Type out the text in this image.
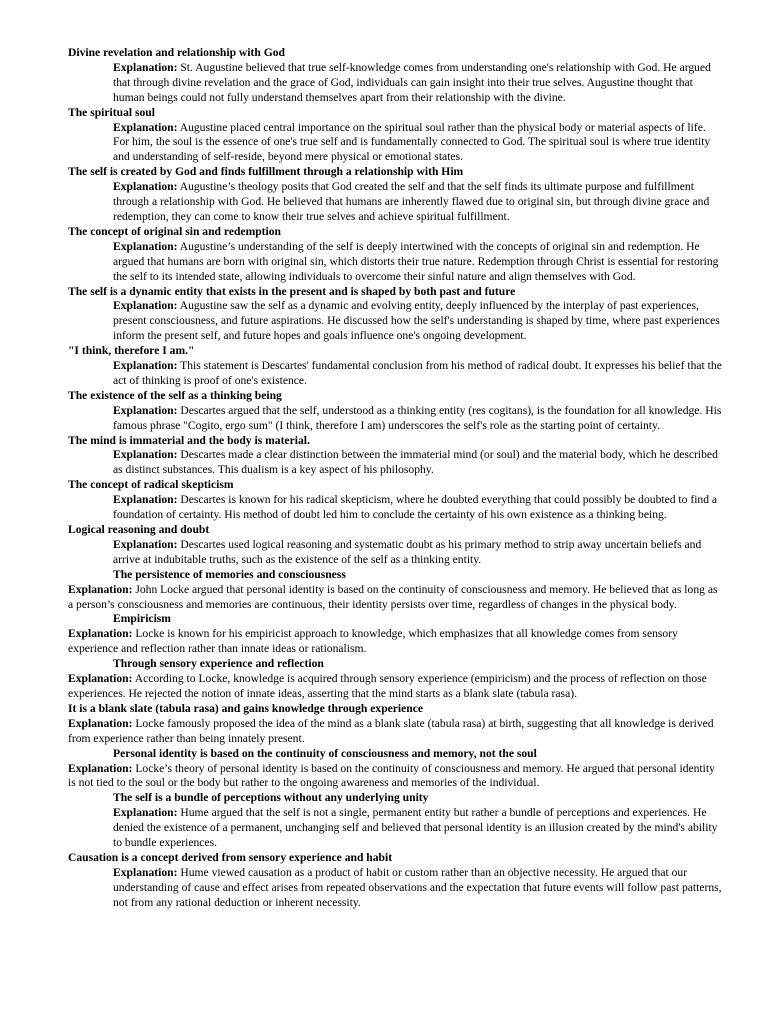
Divine revelation and relationship with God
Explanation: St. Augustine believed that true self-knowledge comes from understanding one's relationship with God. He argued that through divine revelation and the grace of God, individuals can gain insight into their true selves. Augustine thought that human beings could not fully understand themselves apart from their relationship with the divine.
The spiritual soul
Explanation: Augustine placed central importance on the spiritual soul rather than the physical body or material aspects of life. For him, the soul is the essence of one's true self and is fundamentally connected to God. The spiritual soul is where true identity and understanding of self-reside, beyond mere physical or emotional states.
The self is created by God and finds fulfillment through a relationship with Him
Explanation: Augustine’s theology posits that God created the self and that the self finds its ultimate purpose and fulfillment through a relationship with God. He believed that humans are inherently flawed due to original sin, but through divine grace and redemption, they can come to know their true selves and achieve spiritual fulfillment.
The concept of original sin and redemption
Explanation: Augustine’s understanding of the self is deeply intertwined with the concepts of original sin and redemption. He argued that humans are born with original sin, which distorts their true nature. Redemption through Christ is essential for restoring the self to its intended state, allowing individuals to overcome their sinful nature and align themselves with God.
The self is a dynamic entity that exists in the present and is shaped by both past and future
Explanation: Augustine saw the self as a dynamic and evolving entity, deeply influenced by the interplay of past experiences, present consciousness, and future aspirations. He discussed how the self's understanding is shaped by time, where past experiences inform the present self, and future hopes and goals influence one's ongoing development.
"I think, therefore I am."
Explanation: This statement is Descartes' fundamental conclusion from his method of radical doubt. It expresses his belief that the act of thinking is proof of one's existence.
The existence of the self as a thinking being
Explanation: Descartes argued that the self, understood as a thinking entity (res cogitans), is the foundation for all knowledge. His famous phrase "Cogito, ergo sum" (I think, therefore I am) underscores the self's role as the starting point of certainty.
The mind is immaterial and the body is material.
Explanation: Descartes made a clear distinction between the immaterial mind (or soul) and the material body, which he described as distinct substances. This dualism is a key aspect of his philosophy.
The concept of radical skepticism
Explanation: Descartes is known for his radical skepticism, where he doubted everything that could possibly be doubted to find a foundation of certainty. His method of doubt led him to conclude the certainty of his own existence as a thinking being.
Logical reasoning and doubt
Explanation: Descartes used logical reasoning and systematic doubt as his primary method to strip away uncertain beliefs and arrive at indubitable truths, such as the existence of the self as a thinking entity.
The persistence of memories and consciousness
Explanation: John Locke argued that personal identity is based on the continuity of consciousness and memory. He believed that as long as a person’s consciousness and memories are continuous, their identity persists over time, regardless of changes in the physical body.
Empiricism
Explanation: Locke is known for his empiricist approach to knowledge, which emphasizes that all knowledge comes from sensory experience and reflection rather than innate ideas or rationalism.
Through sensory experience and reflection
Explanation: According to Locke, knowledge is acquired through sensory experience (empiricism) and the process of reflection on those experiences. He rejected the notion of innate ideas, asserting that the mind starts as a blank slate (tabula rasa).
It is a blank slate (tabula rasa) and gains knowledge through experience
Explanation: Locke famously proposed the idea of the mind as a blank slate (tabula rasa) at birth, suggesting that all knowledge is derived from experience rather than being innately present.
Personal identity is based on the continuity of consciousness and memory, not the soul
Explanation: Locke’s theory of personal identity is based on the continuity of consciousness and memory. He argued that personal identity is not tied to the soul or the body but rather to the ongoing awareness and memories of the individual.
The self is a bundle of perceptions without any underlying unity
Explanation: Hume argued that the self is not a single, permanent entity but rather a bundle of perceptions and experiences. He denied the existence of a permanent, unchanging self and believed that personal identity is an illusion created by the mind's ability to bundle experiences.
Causation is a concept derived from sensory experience and habit
Explanation: Hume viewed causation as a product of habit or custom rather than an objective necessity. He argued that our understanding of cause and effect arises from repeated observations and the expectation that future events will follow past patterns, not from any rational deduction or inherent necessity.
